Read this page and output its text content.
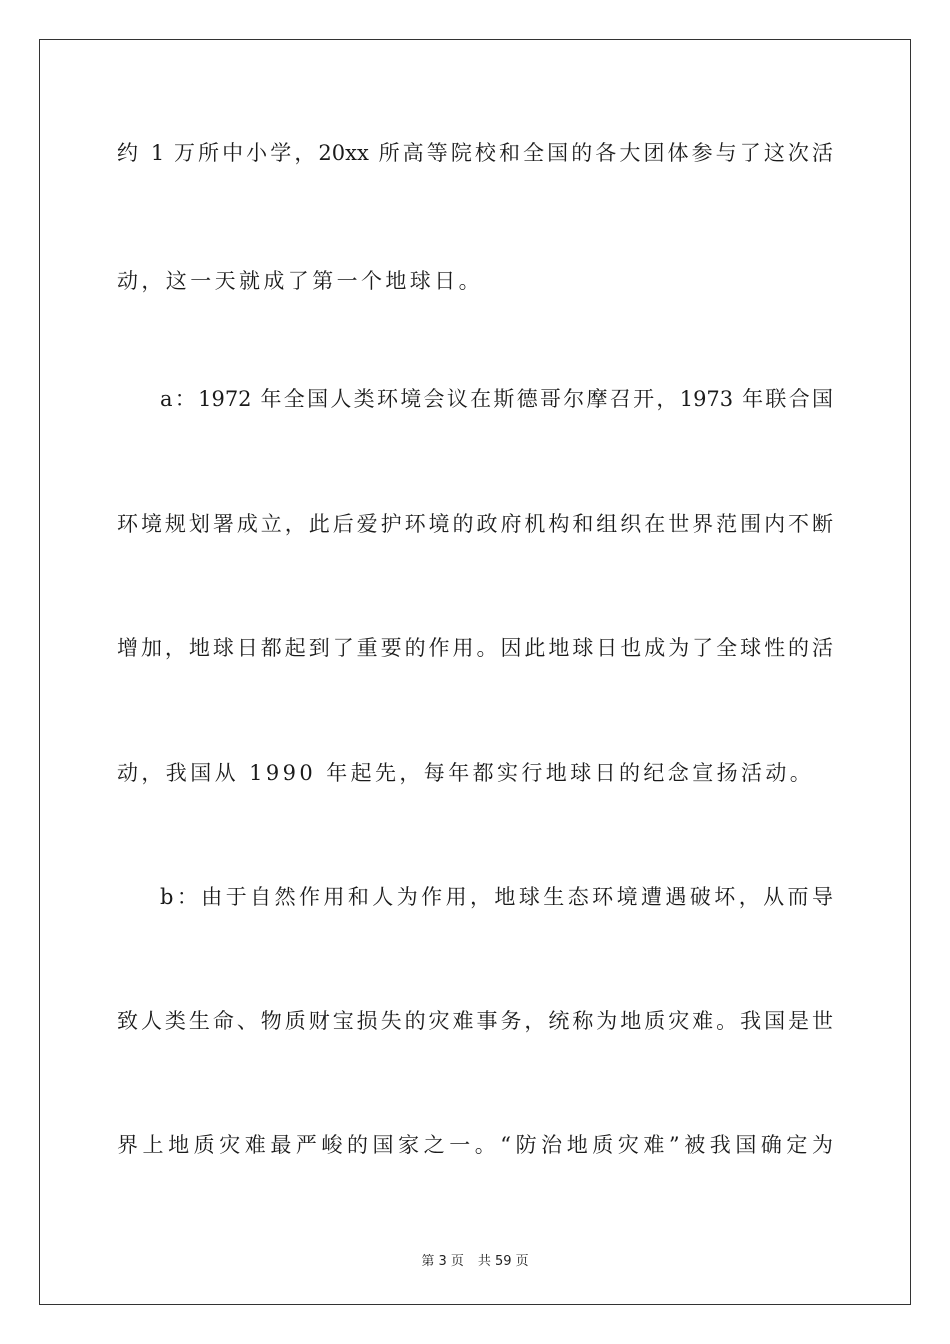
约 1 万所中小学，20xx 所高等院校和全国的各大团体参与了这次活
动，这一天就成了第一个地球日。
a：1972 年全国人类环境会议在斯德哥尔摩召开，1973 年联合国
环境规划署成立，此后爱护环境的政府机构和组织在世界范围内不断
增加，地球日都起到了重要的作用。因此地球日也成为了全球性的活
动，我国从 1990 年起先，每年都实行地球日的纪念宣扬活动。
b：由于自然作用和人为作用，地球生态环境遭遇破坏，从而导
致人类生命、物质财宝损失的灾难事务，统称为地质灾难。我国是世
界上地质灾难最严峻的国家之一。“防治地质灾难”被我国确定为
第 3 页 共 59 页
